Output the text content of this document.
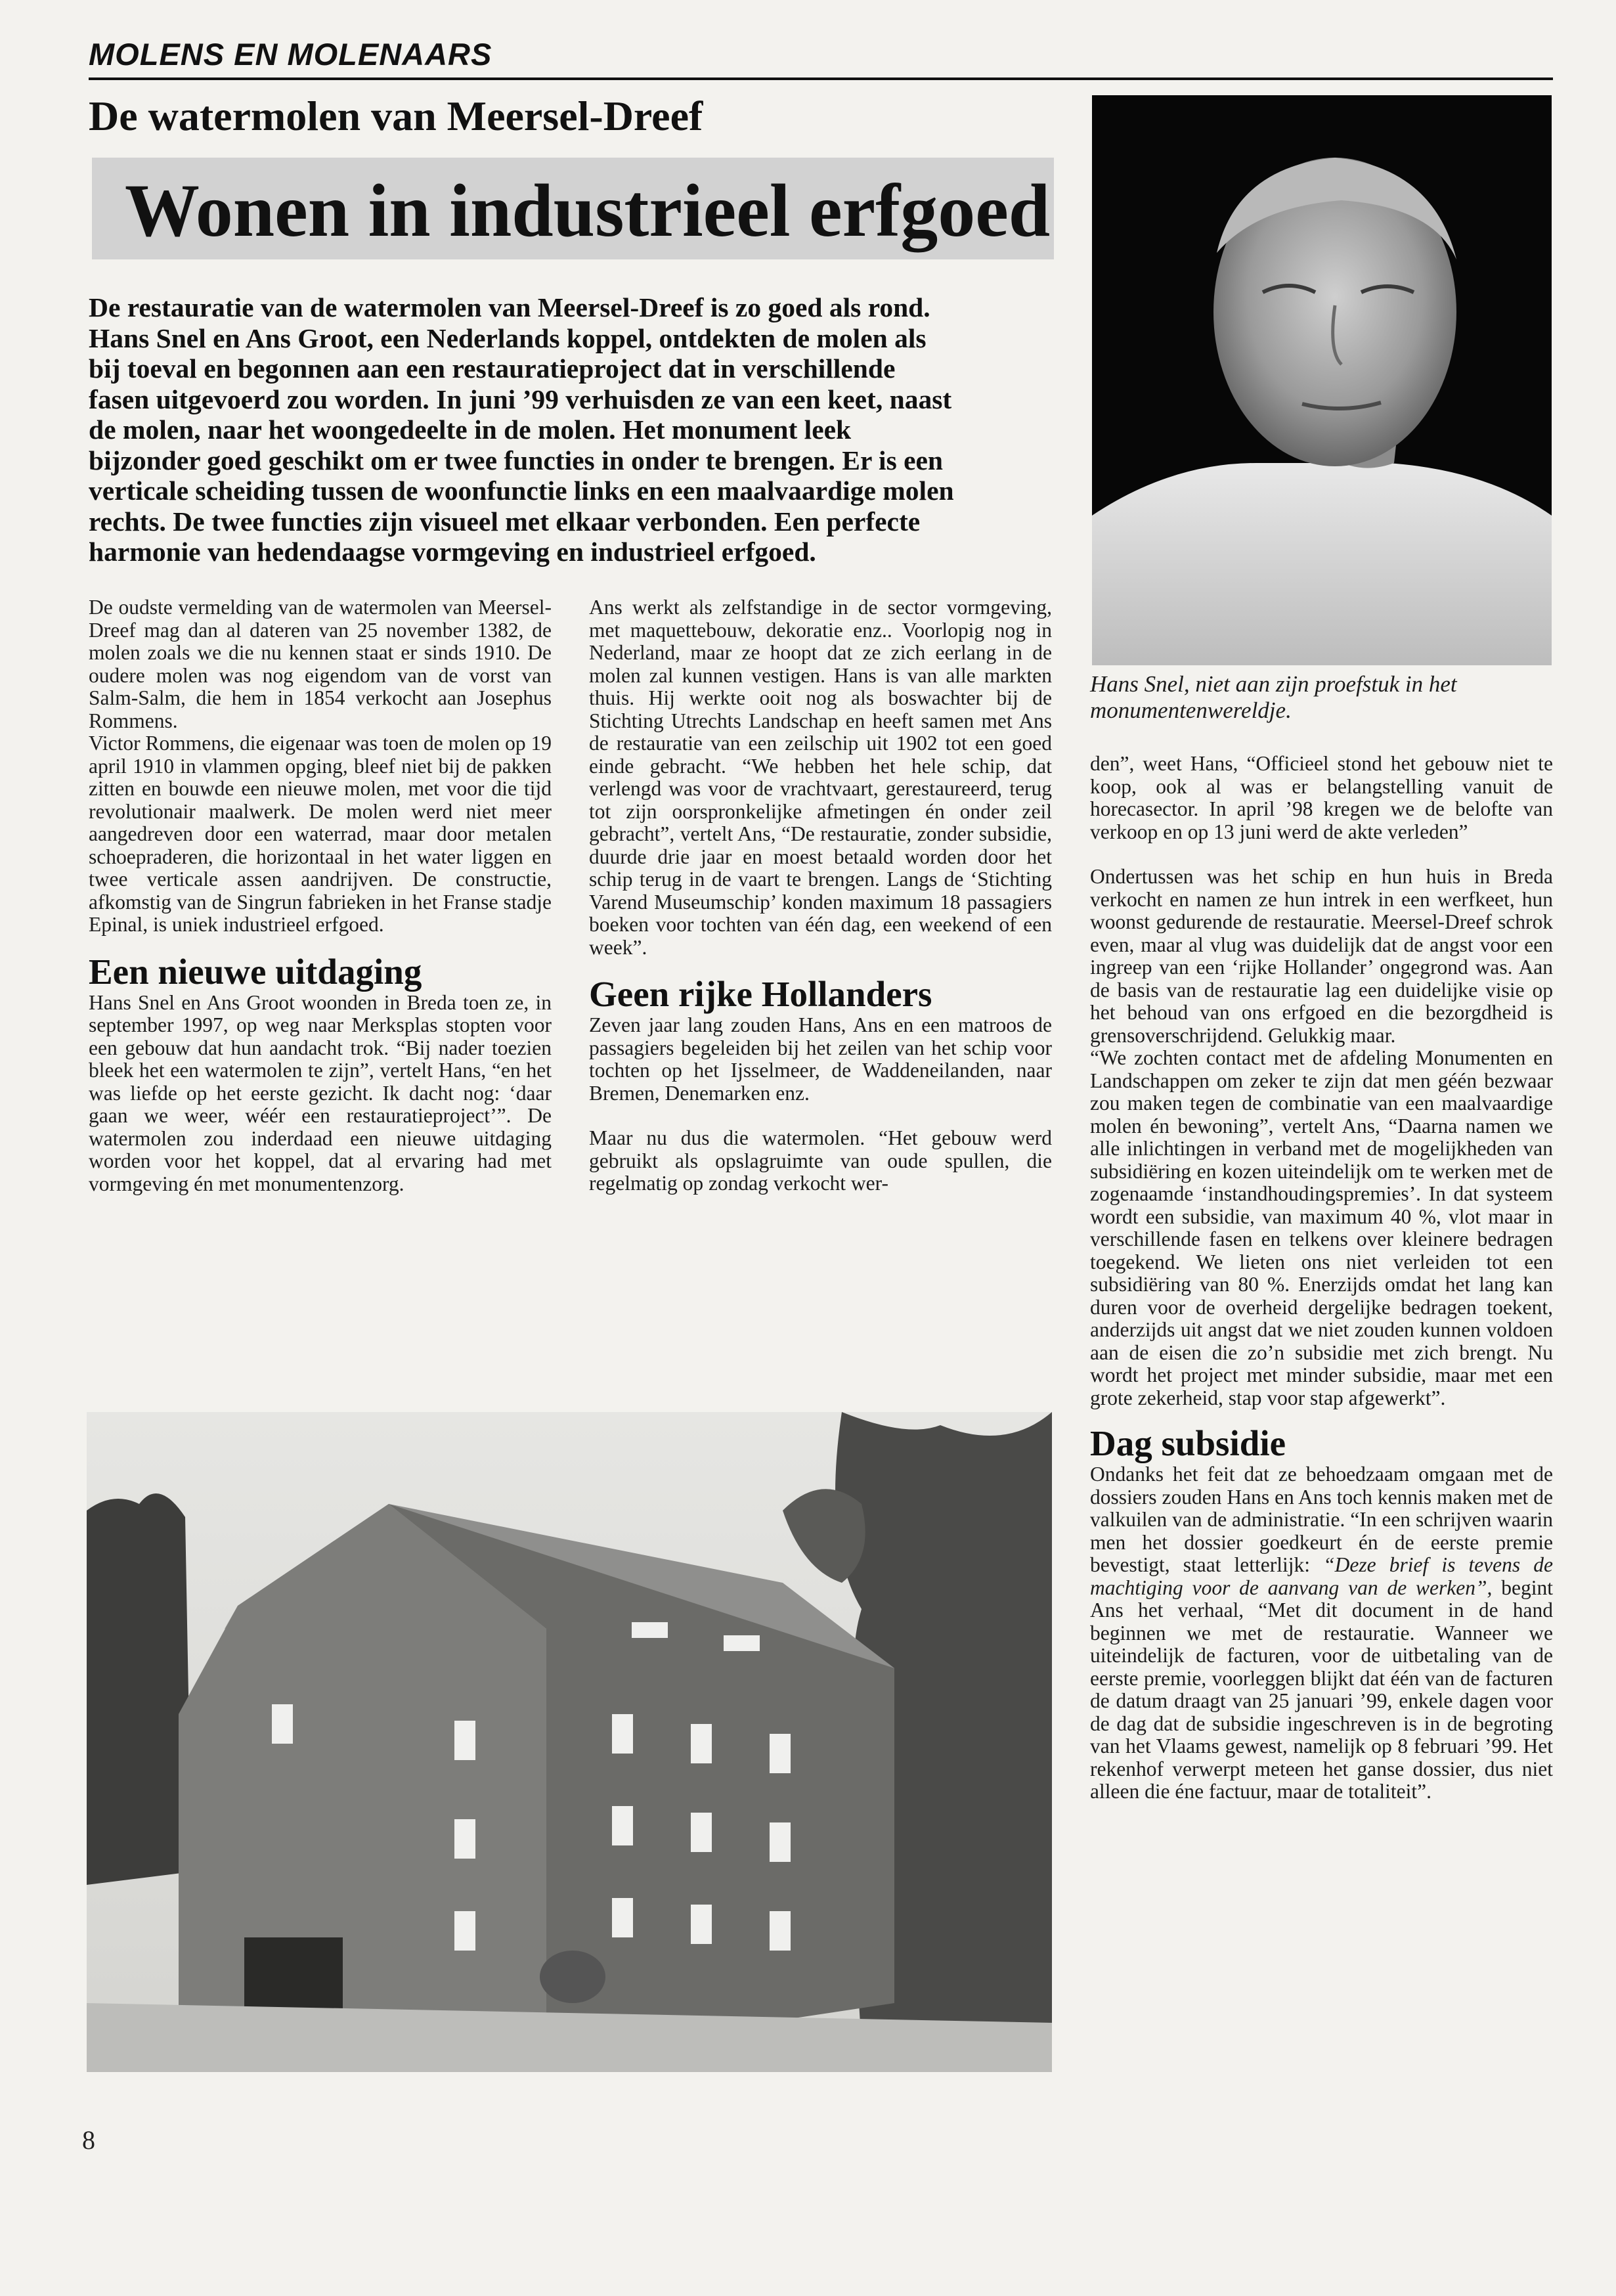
MOLENS EN MOLENAARS
De watermolen van Meersel-Dreef
Wonen in industrieel erfgoed
De restauratie van de watermolen van Meersel-Dreef is zo goed als rond.
Hans Snel en Ans Groot, een Nederlands koppel, ontdekten de molen als
bij toeval en begonnen aan een restauratieproject dat in verschillende
fasen uitgevoerd zou worden. In juni ’99 verhuisden ze van een keet, naast
de molen, naar het woongedeelte in de molen. Het monument leek
bijzonder goed geschikt om er twee functies in onder te brengen. Er is een
verticale scheiding tussen de woonfunctie links en een maalvaardige molen
rechts. De twee functies zijn visueel met elkaar verbonden. Een perfecte
harmonie van hedendaagse vormgeving en industrieel erfgoed.
Hans Snel, niet aan zijn proefstuk in het monumentenwereldje.

De oudste vermelding van de watermolen van Meersel-Dreef mag dan al dateren van 25 november 1382, de molen zoals we die nu kennen staat er sinds 1910. De oudere molen was nog eigendom van de vorst van Salm-Salm, die hem in 1854 verkocht aan Josephus Rommens.

Victor Rommens, die eigenaar was toen de molen op 19 april 1910 in vlammen opging, bleef niet bij de pakken zitten en bouwde een nieuwe molen, met voor die tijd revolutionair maalwerk. De molen werd niet meer aangedreven door een waterrad, maar door metalen schoepraderen, die horizontaal in het water liggen en twee verticale assen aandrijven. De constructie, afkomstig van de Singrun fabrieken in het Franse stadje Epinal, is uniek industrieel erfgoed.

Een nieuwe uitdaging

Hans Snel en Ans Groot woonden in Breda toen ze, in september 1997, op weg naar Merksplas stopten voor een gebouw dat hun aandacht trok. “Bij nader toezien bleek het een watermolen te zijn”, vertelt Hans, “en het was liefde op het eerste gezicht. Ik dacht nog: ‘daar gaan we weer, wéér een restauratieproject’”. De watermolen zou inderdaad een nieuwe uitdaging worden voor het koppel, dat al ervaring had met vormgeving én met monumentenzorg.

Ans werkt als zelfstandige in de sector vormgeving, met maquettebouw, dekoratie enz.. Voorlopig nog in Nederland, maar ze hoopt dat ze zich eerlang in de molen zal kunnen vestigen. Hans is van alle markten thuis. Hij werkte ooit nog als boswachter bij de Stichting Utrechts Landschap en heeft samen met Ans de restauratie van een zeilschip uit 1902 tot een goed einde gebracht. “We hebben het hele schip, dat verlengd was voor de vrachtvaart, gerestaureerd, terug tot zijn oorspronkelijke afmetingen én onder zeil gebracht”, vertelt Ans, “De restauratie, zonder subsidie, duurde drie jaar en moest betaald worden door het schip terug in de vaart te brengen. Langs de ‘Stichting Varend Museumschip’ konden maximum 18 passagiers boeken voor tochten van één dag, een weekend of een week”.

Geen rijke Hollanders

Zeven jaar lang zouden Hans, Ans en een matroos de passagiers begeleiden bij het zeilen van het schip voor tochten op het Ijsselmeer, de Waddeneilanden, naar Bremen, Denemarken enz.

Maar nu dus die watermolen. “Het gebouw werd gebruikt als opslagruimte van oude spullen, die regelmatig op zondag verkocht wer-

den”, weet Hans, “Officieel stond het gebouw niet te koop, ook al was er belangstelling vanuit de horecasector. In april ’98 kregen we de belofte van verkoop en op 13 juni werd de akte verleden”

Ondertussen was het schip en hun huis in Breda verkocht en namen ze hun intrek in een werfkeet, hun woonst gedurende de restauratie. Meersel-Dreef schrok even, maar al vlug was duidelijk dat de angst voor een ingreep van een ‘rijke Hollander’ ongegrond was. Aan de basis van de restauratie lag een duidelijke visie op het behoud van ons erfgoed en die bezorgdheid is grensoverschrijdend. Gelukkig maar.

“We zochten contact met de afdeling Monumenten en Landschappen om zeker te zijn dat men géén bezwaar zou maken tegen de combinatie van een maalvaardige molen én bewoning”, vertelt Ans, “Daarna namen we alle inlichtingen in verband met de mogelijkheden van subsidiëring en kozen uiteindelijk om te werken met de zogenaamde ‘instandhoudingspremies’. In dat systeem wordt een subsidie, van maximum 40 %, vlot maar in verschillende fasen en telkens over kleinere bedragen toegekend. We lieten ons niet verleiden tot een subsidiëring van 80 %. Enerzijds omdat het lang kan duren voor de overheid dergelijke bedragen toekent, anderzijds uit angst dat we niet zouden kunnen voldoen aan de eisen die zo’n subsidie met zich brengt. Nu wordt het project met minder subsidie, maar met een grote zekerheid, stap voor stap afgewerkt”.

Dag subsidie

Ondanks het feit dat ze behoedzaam omgaan met de dossiers zouden Hans en Ans toch kennis maken met de valkuilen van de administratie. “In een schrijven waarin men het dossier goedkeurt én de eerste premie bevestigt, staat letterlijk: “Deze brief is tevens de machtiging voor de aanvang van de werken”, begint Ans het verhaal, “Met dit document in de hand beginnen we met de restauratie. Wanneer we uiteindelijk de facturen, voor de uitbetaling van de eerste premie, voorleggen blijkt dat één van de facturen de datum draagt van 25 januari ’99, enkele dagen voor de dag dat de subsidie ingeschreven is in de begroting van het Vlaams gewest, namelijk op 8 februari ’99. Het rekenhof verwerpt meteen het ganse dossier, dus niet alleen die éne factuur, maar de totaliteit”.

8
